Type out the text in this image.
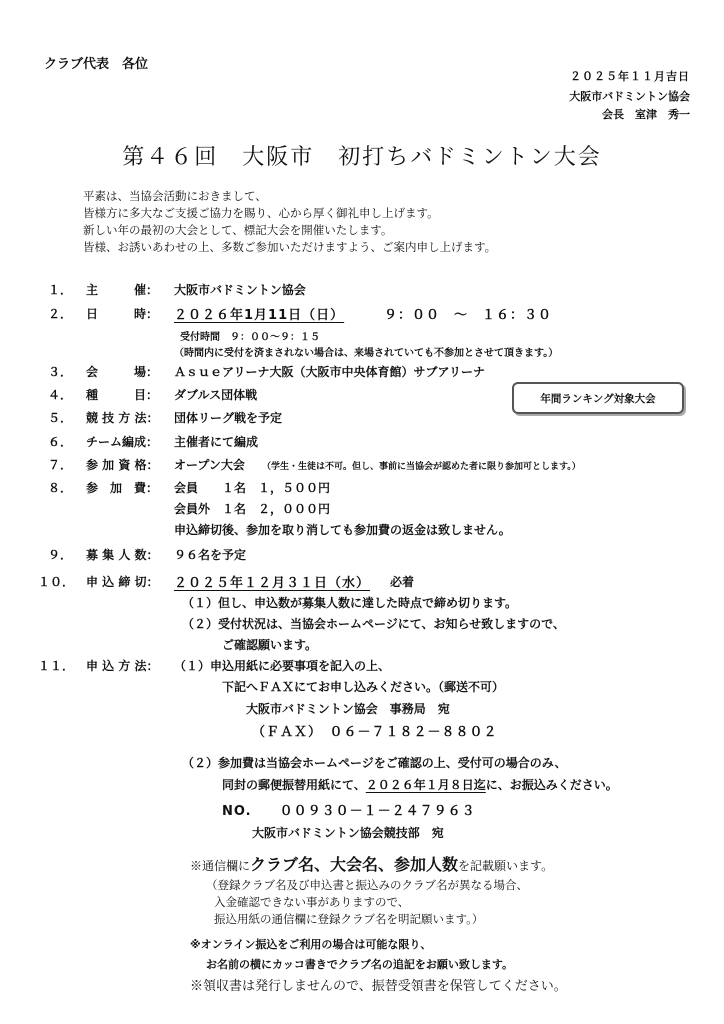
クラブ代表　各位
２０２５年１１月吉日
大阪市バドミントン協会
会長　室津　秀一
第４６回　大阪市　初打ちバドミントン大会
平素は、当協会活動におきまして、
皆様方に多大なご支援ご協力を賜り、心から厚く御礼申し上げます。
新しい年の最初の大会として、標記大会を開催いたします。
皆様、お誘いあわせの上、多数ご参加いただけますよう、ご案内申し上げます。
１． 主　　　催： 大阪市バドミントン協会
２． 日　　　時： ２０２６年1月11日（日）	９：００　～　１６：３０
受付時間　９：００～９：１５
（時間内に受付を済まされない場合は、来場されていても不参加とさせて頂きます。）
３． 会　　　場： Ａｓｕｅアリーナ大阪（大阪市中央体育館）サブアリーナ
４． 種　　　目： ダブルス団体戦	年間ランキング対象大会
５． 競 技 方 法： 団体リーグ戦を予定
６． チーム編成： 主催者にて編成
７． 参 加 資 格： オープン大会 （学生・生徒は不可。但し、事前に当協会が認めた者に限り参加可とします。）
８． 参　加　費： 会員　　１名　１，５００円
会員外　１名　２，０００円
申込締切後、参加を取り消しても参加費の返金は致しません。
９． 募 集 人 数： ９６名を予定
１０． 申 込 締 切： ２０２５年１２月３１日（水） 必着
（１）但し、申込数が募集人数に達した時点で締め切ります。
（２）受付状況は、当協会ホームページにて、お知らせ致しますので、
ご確認願います。
１１． 申 込 方 法： （１）申込用紙に必要事項を記入の上、
下記へＦＡＸにてお申し込みください。（郵送不可）
大阪市バドミントン協会　事務局　宛
（ＦＡＸ）　０６－７１８２－８８０２
（２）参加費は当協会ホームページをご確認の上、受付可の場合のみ、
同封の郵便振替用紙にて、２０２６年１月８日迄に、お振込みください。
NO.　　００９３０－１－２４７９６３
大阪市バドミントン協会競技部　宛
※通信欄にクラブ名、大会名、参加人数を記載願います。
（登録クラブ名及び申込書と振込みのクラブ名が異なる場合、
入金確認できない事がありますので、
振込用紙の通信欄に登録クラブ名を明記願います。）
※オンライン振込をご利用の場合は可能な限り、
お名前の横にカッコ書きでクラブ名の追記をお願い致します。
※領収書は発行しませんので、振替受領書を保管してください。
